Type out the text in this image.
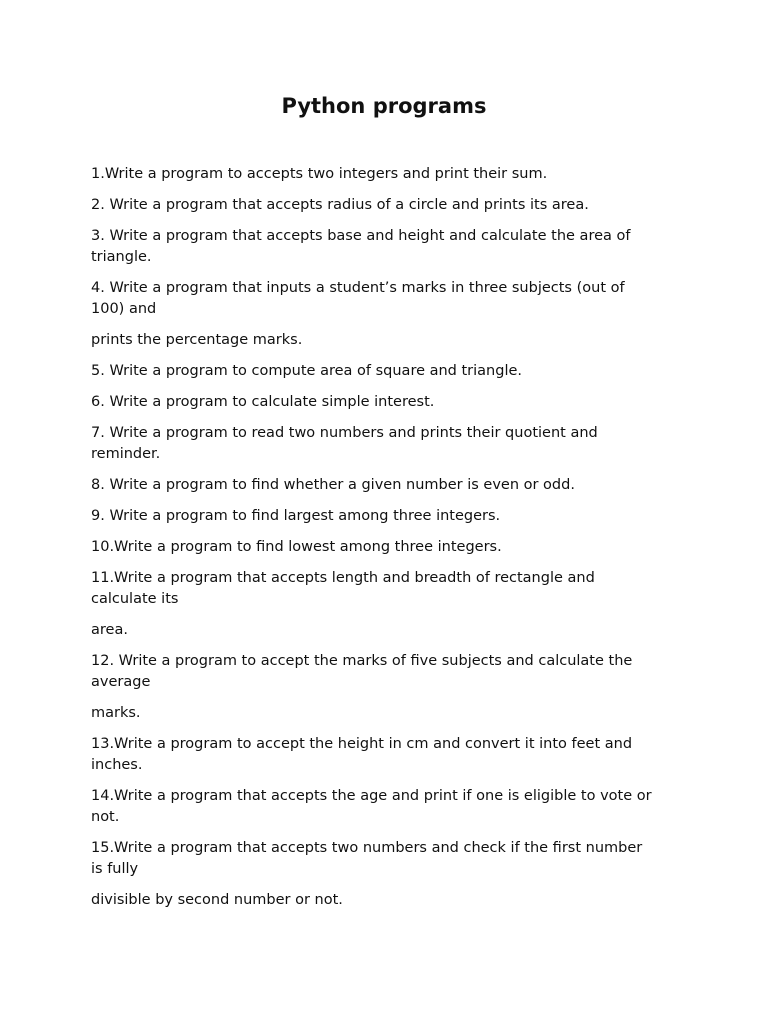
Python programs

1.Write a program to accepts two integers and print their sum.

2. Write a program that accepts radius of a circle and prints its area.

3. Write a program that accepts base and height and calculate the area of
triangle.

4. Write a program that inputs a student’s marks in three subjects (out of
100) and

prints the percentage marks.

5. Write a program to compute area of square and triangle.

6. Write a program to calculate simple interest.

7. Write a program to read two numbers and prints their quotient and
reminder.

8. Write a program to find whether a given number is even or odd.

9. Write a program to find largest among three integers.

10.Write a program to find lowest among three integers.

11.Write a program that accepts length and breadth of rectangle and
calculate its

area.

12. Write a program to accept the marks of five subjects and calculate the
average

marks.

13.Write a program to accept the height in cm and convert it into feet and
inches.

14.Write a program that accepts the age and print if one is eligible to vote or
not.

15.Write a program that accepts two numbers and check if the first number
is fully

divisible by second number or not.
